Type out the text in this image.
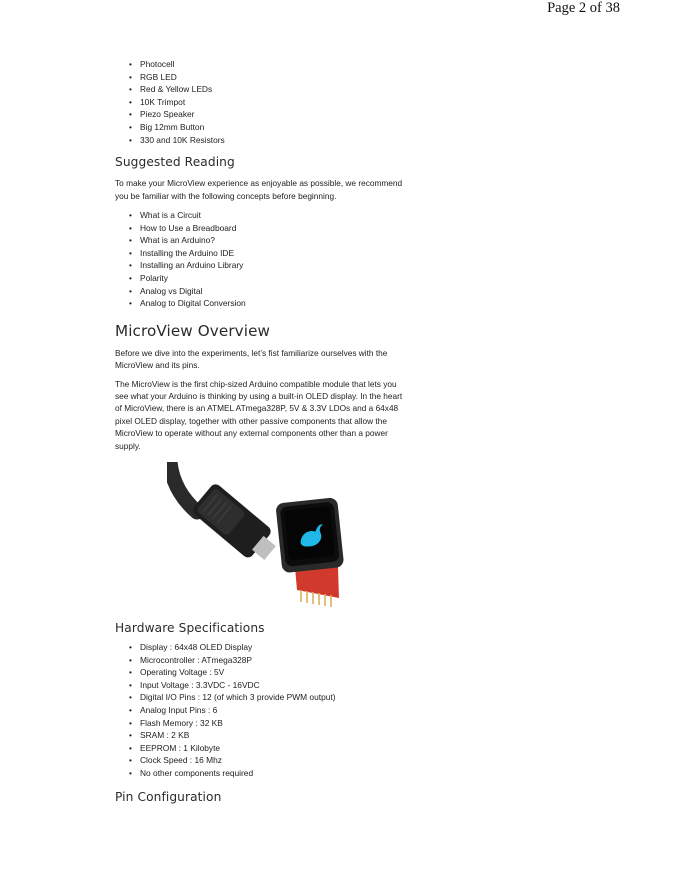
Page 2 of 38
• Photocell
• RGB LED
• Red & Yellow LEDs
• 10K Trimpot
• Piezo Speaker
• Big 12mm Button
• 330 and 10K Resistors
Suggested Reading

To make your MicroView experience as enjoyable as possible, we recommend you be familiar with the following concepts before beginning.

• What is a Circuit
• How to Use a Breadboard
• What is an Arduino?
• Installing the Arduino IDE
• Installing an Arduino Library
• Polarity
• Analog vs Digital
• Analog to Digital Conversion
MicroView Overview

Before we dive into the experiments, let’s fist familiarize ourselves with the MicroView and its pins.

The MicroView is the first chip-sized Arduino compatible module that lets you see what your Arduino is thinking by using a built-in OLED display. In the heart of MicroView, there is an ATMEL ATmega328P, 5V & 3.3V LDOs and a 64x48 pixel OLED display, together with other passive components that allow the MicroView to operate without any external components other than a power supply.

Hardware Specifications
• Display : 64x48 OLED Display
• Microcontroller : ATmega328P
• Operating Voltage : 5V
• Input Voltage : 3.3VDC - 16VDC
• Digital I/O Pins : 12 (of which 3 provide PWM output)
• Analog Input Pins : 6
• Flash Memory : 32 KB
• SRAM : 2 KB
• EEPROM : 1 Kilobyte
• Clock Speed : 16 Mhz
• No other components required
Pin Configuration
